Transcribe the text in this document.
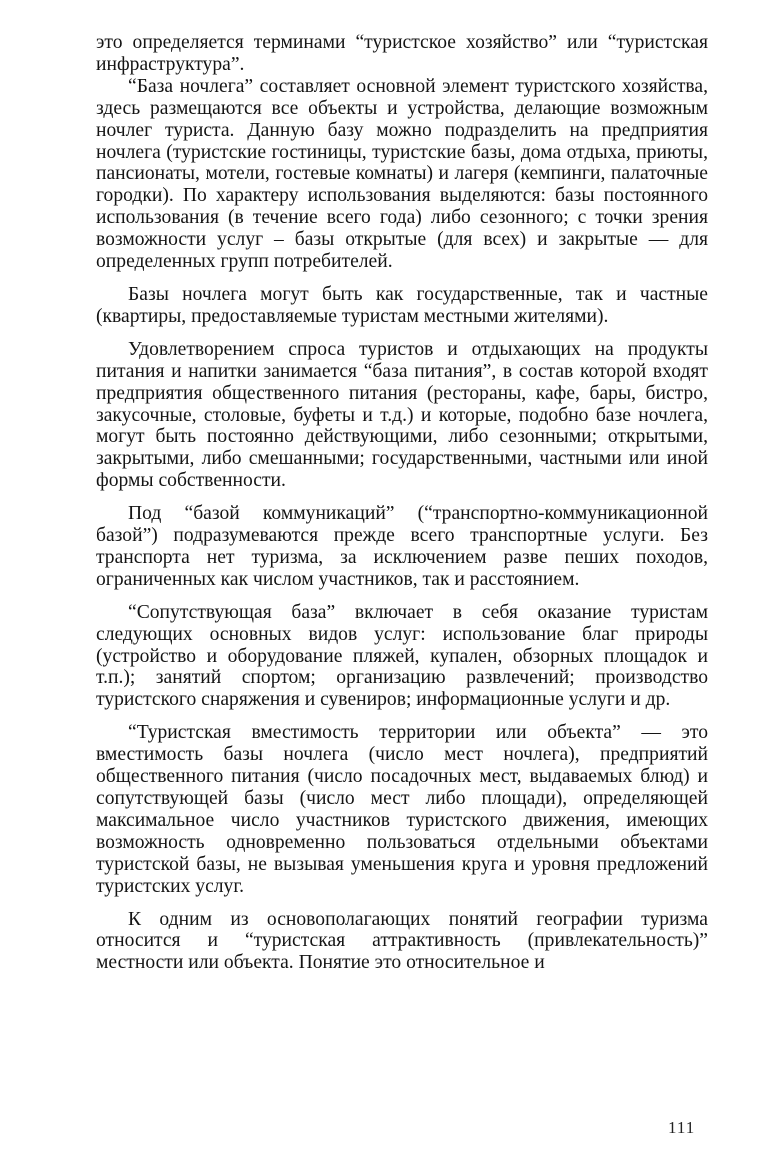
это определяется терминами “туристское хозяйство” или “туристская инфраструктура”.

“База ночлега” составляет основной элемент туристского хозяйства, здесь размещаются все объекты и устройства, делающие возможным ночлег туриста. Данную базу можно подразделить на предприятия ночлега (туристские гостиницы, туристские базы, дома отдыха, приюты, пансионаты, мотели, гостевые комнаты) и лагеря (кемпинги, палаточные городки). По характеру использования выделяются: базы постоянного использования (в течение всего года) либо сезонного; с точки зрения возможности услуг – базы открытые (для всех) и закрытые — для определенных групп потребителей.

Базы ночлега могут быть как государственные, так и частные (квартиры, предоставляемые туристам местными жителями).

Удовлетворением спроса туристов и отдыхающих на продукты питания и напитки занимается “база питания”, в состав которой входят предприятия общественного питания (рестораны, кафе, бары, бистро, закусочные, столовые, буфеты и т.д.) и которые, подобно базе ночлега, могут быть постоянно действующими, либо сезонными; открытыми, закрытыми, либо смешанными; государственными, частными или иной формы собственности.

Под “базой коммуникаций” (“транспортно-коммуникационной базой”) подразумеваются прежде всего транспортные услуги. Без транспорта нет туризма, за исключением разве пеших походов, ограниченных как числом участников, так и расстоянием.

“Сопутствующая база” включает в себя оказание туристам следующих основных видов услуг: использование благ природы (устройство и оборудование пляжей, купален, обзорных площадок и т.п.); занятий спортом; организацию развлечений; производство туристского снаряжения и сувениров; информационные услуги и др.

“Туристская вместимость территории или объекта” — это вместимость базы ночлега (число мест ночлега), предприятий общественного питания (число посадочных мест, выдаваемых блюд) и сопутствующей базы (число мест либо площади), определяющей максимальное число участников туристского движения, имеющих возможность одновременно пользоваться отдельными объектами туристской базы, не вызывая уменьшения круга и уровня предложений туристских услуг.

К одним из основополагающих понятий географии туризма относится и “туристская аттрактивность (привлекательность)” местности или объекта. Понятие это относительное и

111
